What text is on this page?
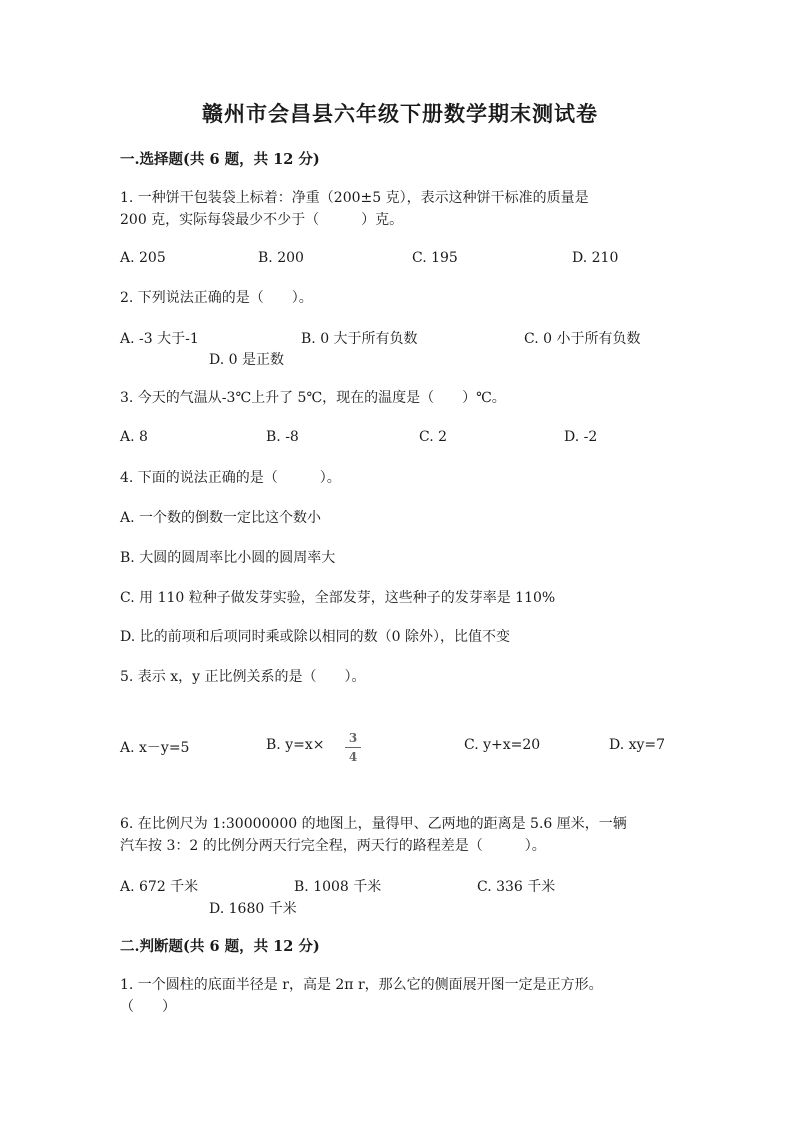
赣州市会昌县六年级下册数学期末测试卷
一.选择题(共 6 题，共 12 分)
1. 一种饼干包装袋上标着：净重（200±5 克），表示这种饼干标准的质量是
200 克，实际每袋最少不少于（　　　）克。
A. 205	B. 200	C. 195	D. 210
2. 下列说法正确的是（　　）。
A. -3 大于-1	B. 0 大于所有负数	C. 0 小于所有负数
D. 0 是正数
3. 今天的气温从-3℃上升了 5℃，现在的温度是（　　）℃。
A. 8	B. -8	C. 2	D. -2
4. 下面的说法正确的是（　　　）。
A. 一个数的倒数一定比这个数小
B. 大圆的圆周率比小圆的圆周率大
C. 用 110 粒种子做发芽实验，全部发芽，这些种子的发芽率是 110%
D. 比的前项和后项同时乘或除以相同的数（0 除外），比值不变
5. 表示 x，y 正比例关系的是（　　）。
A. x－y=5	B. y=x×	3
4
C. y+x=20	D. xy=7
6. 在比例尺为 1:30000000 的地图上，量得甲、乙两地的距离是 5.6 厘米，一辆
汽车按 3：2 的比例分两天行完全程，两天行的路程差是（　　　）。
A. 672 千米	B. 1008 千米	C. 336 千米
D. 1680 千米
二.判断题(共 6 题，共 12 分)
1. 一个圆柱的底面半径是 r，高是 2π r，那么它的侧面展开图一定是正方形。
（　　）
